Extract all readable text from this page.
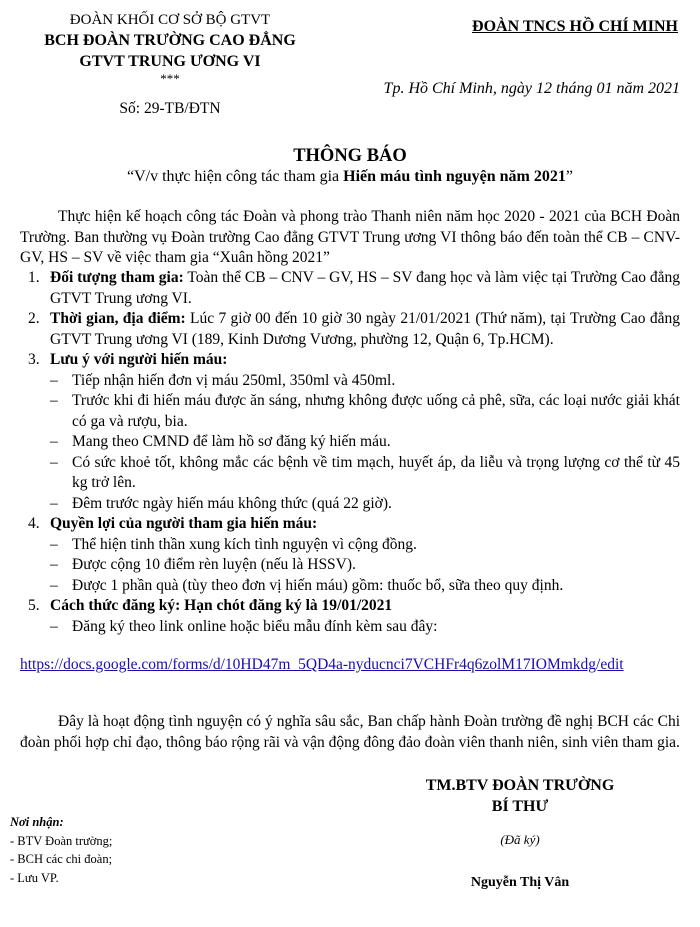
ĐOÀN KHỐI CƠ SỞ BỘ GTVT
BCH ĐOÀN TRƯỜNG CAO ĐẲNG
GTVT TRUNG ƯƠNG VI
***
Số: 29-TB/ĐTN
ĐOÀN TNCS HỒ CHÍ MINH
Tp. Hồ Chí Minh, ngày 12 tháng 01 năm 2021
THÔNG BÁO
“V/v thực hiện công tác tham gia Hiến máu tình nguyện năm 2021”
Thực hiện kế hoạch công tác Đoàn và phong trào Thanh niên năm học 2020 - 2021 của BCH Đoàn Trường. Ban thường vụ Đoàn trường Cao đẳng GTVT Trung ương VI thông báo đến toàn thể CB – CNV- GV, HS – SV về việc tham gia “Xuân hồng 2021”
1. Đối tượng tham gia: Toàn thể CB – CNV – GV, HS – SV đang học và làm việc tại Trường Cao đẳng GTVT Trung ương VI.
2. Thời gian, địa điểm: Lúc 7 giờ 00 đến 10 giờ 30 ngày 21/01/2021 (Thứ năm), tại Trường Cao đẳng GTVT Trung ương VI (189, Kinh Dương Vương, phường 12, Quận 6, Tp.HCM).
3. Lưu ý với người hiến máu:
– Tiếp nhận hiến đơn vị máu 250ml, 350ml và 450ml.
– Trước khi đi hiến máu được ăn sáng, nhưng không được uống cả phê, sữa, các loại nước giải khát có ga và rượu, bia.
– Mang theo CMND để làm hồ sơ đăng ký hiến máu.
– Có sức khoẻ tốt, không mắc các bệnh về tim mạch, huyết áp, da liễu và trọng lượng cơ thể từ 45 kg trở lên.
– Đêm trước ngày hiến máu không thức (quá 22 giờ).
4. Quyền lợi của người tham gia hiến máu:
– Thể hiện tinh thần xung kích tình nguyện vì cộng đồng.
– Được cộng 10 điểm rèn luyện (nếu là HSSV).
– Được 1 phần quà (tùy theo đơn vị hiến máu) gồm: thuốc bổ, sữa theo quy định.
5. Cách thức đăng ký: Hạn chót đăng ký là 19/01/2021
– Đăng ký theo link online hoặc biểu mẫu đính kèm sau đây:
https://docs.google.com/forms/d/10HD47m_5QD4a-nyducnci7VCHFr4q6zolM17IOMmkdg/edit
Đây là hoạt động tình nguyện có ý nghĩa sâu sắc, Ban chấp hành Đoàn trường đề nghị BCH các Chi đoàn phối hợp chỉ đạo, thông báo rộng rãi và vận động đông đảo đoàn viên thanh niên, sinh viên tham gia.
TM.BTV ĐOÀN TRƯỜNG
BÍ THƯ
(Đã ký)
Nguyễn Thị Vân
Nơi nhận:
- BTV Đoàn trường;
- BCH các chi đoàn;
- Lưu VP.
